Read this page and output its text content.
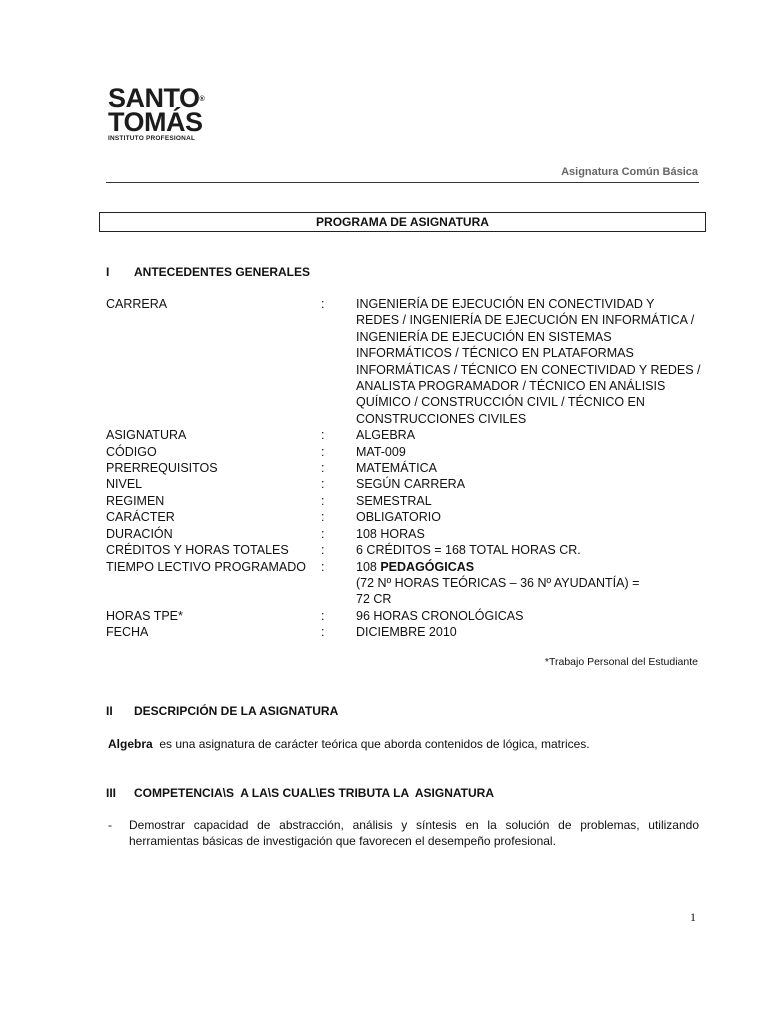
SANTO®
TOMÁS
INSTITUTO PROFESIONAL
Asignatura Común Básica
PROGRAMA DE ASIGNATURA
I ANTECEDENTES GENERALES
CARRERA	:	INGENIERÍA DE EJECUCIÓN EN CONECTIVIDAD Y
REDES / INGENIERÍA DE EJECUCIÓN EN INFORMÁTICA /
INGENIERÍA DE EJECUCIÓN EN SISTEMAS
INFORMÁTICOS / TÉCNICO EN PLATAFORMAS
INFORMÁTICAS / TÉCNICO EN CONECTIVIDAD Y REDES /
ANALISTA PROGRAMADOR / TÉCNICO EN ANÁLISIS
QUÍMICO / CONSTRUCCIÓN CIVIL / TÉCNICO EN
CONSTRUCCIONES CIVILES
ASIGNATURA	:	ALGEBRA
CÓDIGO	:	MAT-009
PRERREQUISITOS	:	MATEMÁTICA
NIVEL	:	SEGÚN CARRERA
REGIMEN	:	SEMESTRAL
CARÁCTER	:	OBLIGATORIO
DURACIÓN	:	108 HORAS
CRÉDITOS Y HORAS TOTALES	:	6 CRÉDITOS = 168 TOTAL HORAS CR.
TIEMPO LECTIVO PROGRAMADO	:	108 PEDAGÓGICAS
(72 Nº HORAS TEÓRICAS – 36 Nº AYUDANTÍA) =
72 CR
HORAS TPE*	:	96 HORAS CRONOLÓGICAS
FECHA	:	DICIEMBRE 2010
*Trabajo Personal del Estudiante
II DESCRIPCIÓN DE LA ASIGNATURA
Algebra  es una asignatura de carácter teórica que aborda contenidos de lógica, matrices.
III COMPETENCIA\S  A LA\S CUAL\ES TRIBUTA LA  ASIGNATURA
-	Demostrar capacidad de abstracción, análisis y síntesis en la solución de problemas, utilizando herramientas básicas de investigación que favorecen el desempeño profesional.
1
